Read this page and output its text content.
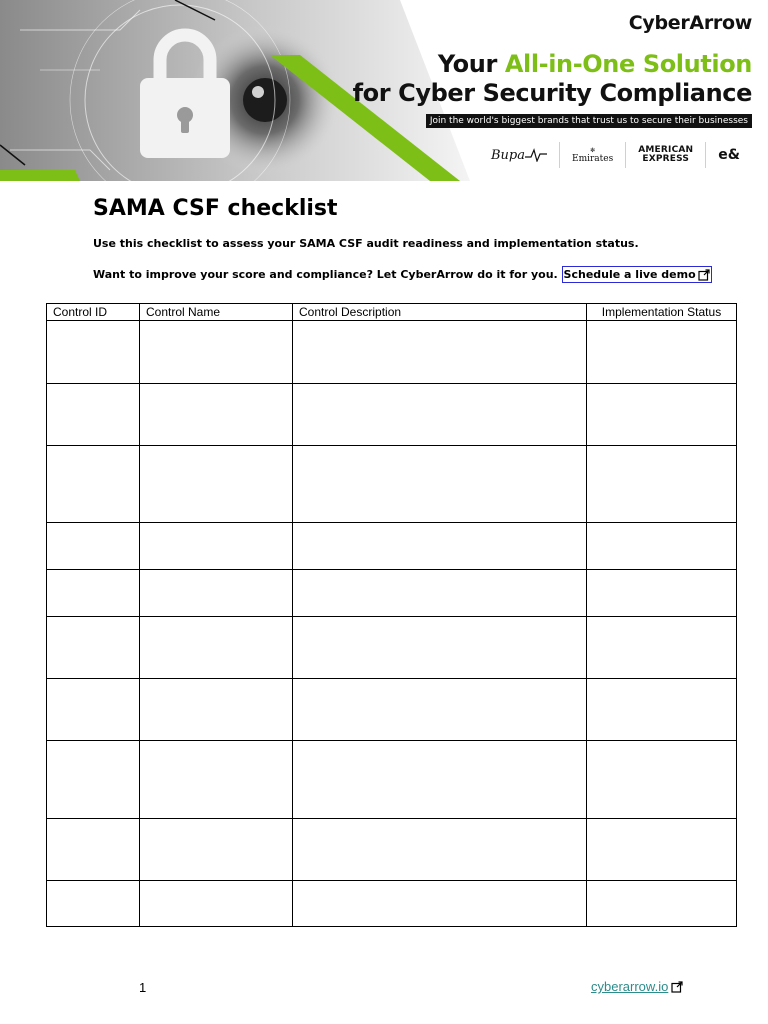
CyberArrow
Your All-in-One Solution
for Cyber Security Compliance
Join the world's biggest brands that trust us to secure their businesses
Bupa	✻
Emirates
AMERICAN
EXPRESS e&
SAMA CSF checklist

Use this checklist to assess your SAMA CSF audit readiness and implementation status.

Want to improve your score and compliance? Let CyberArrow do it for you. Schedule a live demo

Control ID	Control Name	Control Description	Implementation Status

1	cyberarrow.io
